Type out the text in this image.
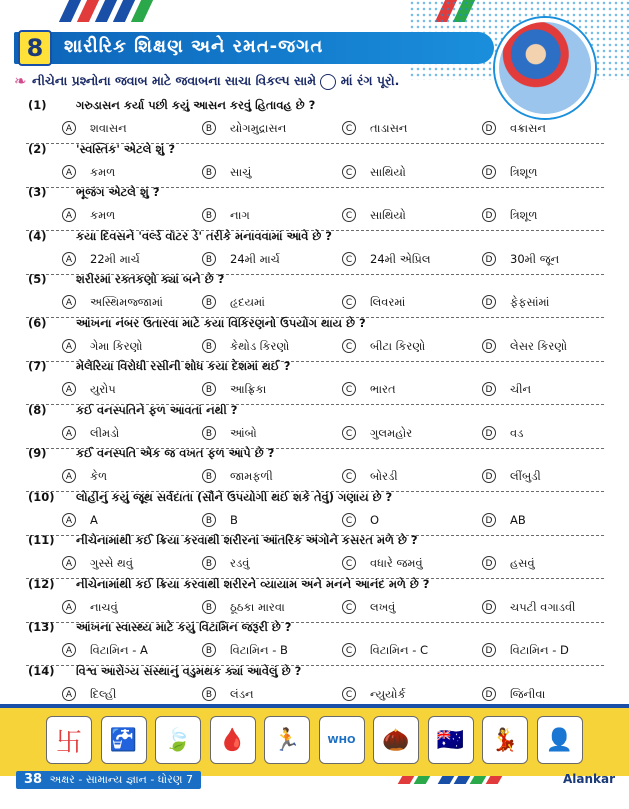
8	શારીરિક શિક્ષણ અને રમત-જગત
❧ નીચેના પ્રશ્નોના જવાબ માટે જવાબના સાચા વિકલ્પ સામે માં રંગ પૂરો.
(1)	ગરુડાસન કર્યા પછી કયું આસન કરવું હિતાવહ છે ?
A	શવાસન	B	યોગમુદ્રાસન	C	તાડાસન	D	વક્રાસન
(2)	'સ્વસ્તિક' એટલે શું ?
A	કમળ	B	સાચું	C	સાથિયો	D	ત્રિશૂળ
(3)	ભૂજંગ એટલે શું ?
A	કમળ	B	નાગ	C	સાથિયો	D	ત્રિશૂળ
(4)	કયા દિવસને 'વર્લ્ડ વૉટર ડે' તરીકે મનાવવામાં આવે છે ?
A	22મી માર્ચ	B	24મી માર્ચ	C	24મી એપ્રિલ	D	30મી જૂન
(5)	શરીરમાં રક્તકણો ક્યાં બને છે ?
A	અસ્થિમજ્જામાં	B	હૃદયમાં	C	લિવરમાં	D	ફેફસાંમાં
(6)	આંખના નંબર ઉતારવા માટે કયા વિકિરણનો ઉપયોગ થાય છે ?
A	ગેમા કિરણો	B	કેથોડ કિરણો	C	બીટા કિરણો	D	લેસર કિરણો
(7)	મેલેરિયા વિરોધી રસીની શોધ કયા દેશમાં થઈ ?
A	યુરોપ	B	આફ્રિકા	C	ભારત	D	ચીન
(8)	કઈ વનસ્પતિને ફળ આવતાં નથી ?
A	લીમડો	B	આંબો	C	ગુલમહોર	D	વડ
(9)	કઈ વનસ્પતિ એક જ વખત ફળ આપે છે ?
A	કેળ	B	જામફળી	C	બોરડી	D	લીંબુડી
(10) લોહીનું કયું જૂથ સર્વદાતા (સૌને ઉપયોગી થઈ શકે તેવું) ગણાય છે ?
A	A	B	B	C	O	D	AB
(11) નીચેનામાંથી કઈ ક્રિયા કરવાથી શરીરનાં આંતરિક અંગોને કસરત મળે છે ?
A	ગુસ્સે થવું	B	રડવું	C	વધારે જમવું	D	હસવું
(12) નીચેનામાંથી કઈ ક્રિયા કરવાથી શરીરને વ્યાયામ અને મનને આનંદ મળે છે ?
A	નાચવું	B	ઠૂઠકા મારવા	C	લખવું	D	ચપટી વગાડવી
(13) આંખના સ્વાસ્થ્ય માટે કયું વિટામિન જરૂરી છે ?
A	વિટામિન - A	B	વિટામિન - B	C	વિટામિન - C	D	વિટામિન - D
(14) વિશ્વ આરોગ્ય સંસ્થાનું વડુમથક ક્યાં આવેલું છે ?
A	દિલ્હી	B	લંડન	C	ન્યુયોર્ક	D	જિનીવા
卐	🚰	🍃	🩸	🏃	WHO	🌰	🇦🇺	💃	👤
38 અક્ષર - સામાન્ય જ્ઞાન - ધોરણ 7	Alankar
